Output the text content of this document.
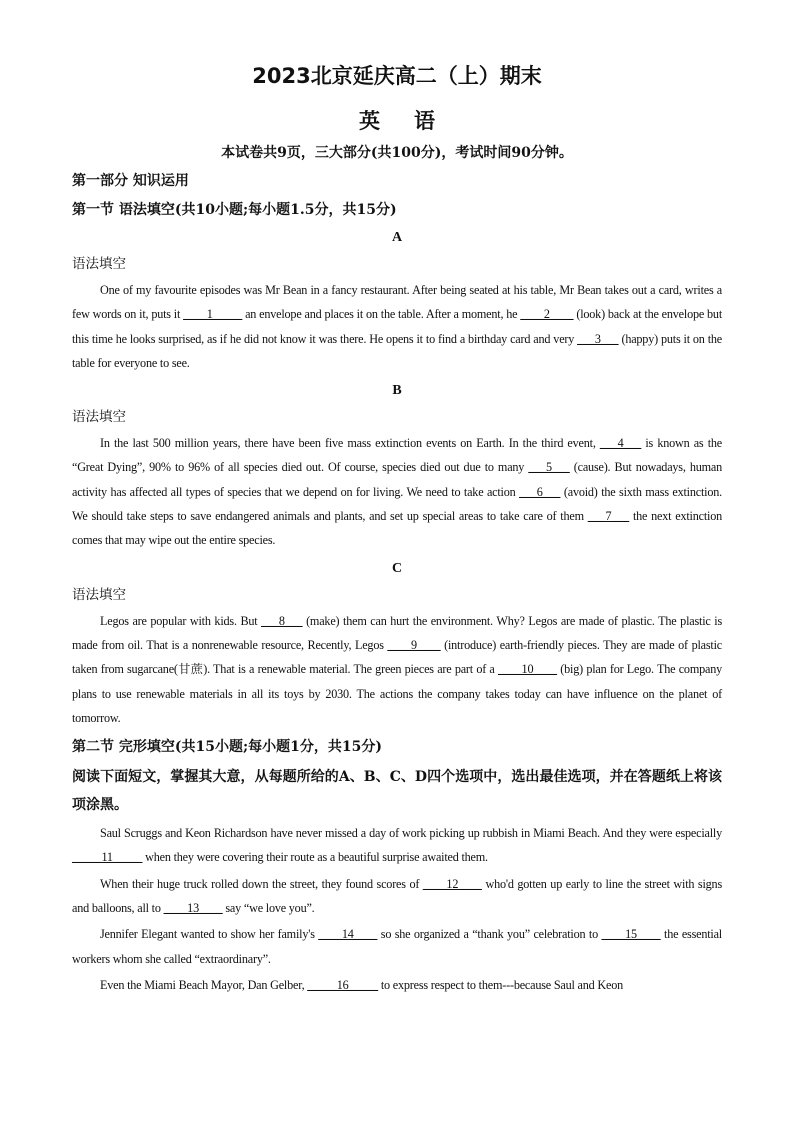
2023北京延庆高二（上）期末
英语
本试卷共9页，三大部分(共100分)，考试时间90分钟。
第一部分 知识运用
第一节 语法填空(共10小题;每小题1.5分，共15分)
A
语法填空

One of my favourite episodes was Mr Bean in a fancy restaurant. After being seated at his table, Mr Bean takes out a card, writes a few words on it, puts it ____1_____ an envelope and places it on the table. After a moment, he ____2____ (look) back at the envelope but this time he looks surprised, as if he did not know it was there. He opens it to find a birthday card and very ___3___ (happy) puts it on the table for everyone to see.

B
语法填空

In the last 500 million years, there have been five mass extinction events on Earth. In the third event, ___4___ is known as the “Great Dying”, 90% to 96% of all species died out. Of course, species died out due to many ___5___ (cause). But nowadays, human activity has affected all types of species that we depend on for living. We need to take action ___6___ (avoid) the sixth mass extinction. We should take steps to save endangered animals and plants, and set up special areas to take care of them ___7___ the next extinction comes that may wipe out the entire species.

C
语法填空

Legos are popular with kids. But ___8___ (make) them can hurt the environment. Why? Legos are made of plastic. The plastic is made from oil. That is a nonrenewable resource, Recently, Legos ____9____ (introduce) earth-friendly pieces. They are made of plastic taken from sugarcane(甘蔗). That is a renewable material. The green pieces are part of a ____10____ (big) plan for Lego. The company plans to use renewable materials in all its toys by 2030. The actions the company takes today can have influence on the planet of tomorrow.

第二节 完形填空(共15小题;每小题1分，共15分)
阅读下面短文，掌握其大意，从每题所给的A、B、C、D四个选项中，选出最佳选项，并在答题纸上将该项涂黑。

Saul Scruggs and Keon Richardson have never missed a day of work picking up rubbish in Miami Beach. And they were especially _____11_____ when they were covering their route as a beautiful surprise awaited them.

When their huge truck rolled down the street, they found scores of ____12____ who'd gotten up early to line the street with signs and balloons, all to ____13____ say “we love you”.

Jennifer Elegant wanted to show her family's ____14____ so she organized a “thank you” celebration to ____15____ the essential workers whom she called “extraordinary”.

Even the Miami Beach Mayor, Dan Gelber, _____16_____ to express respect to them---because Saul and Keon
